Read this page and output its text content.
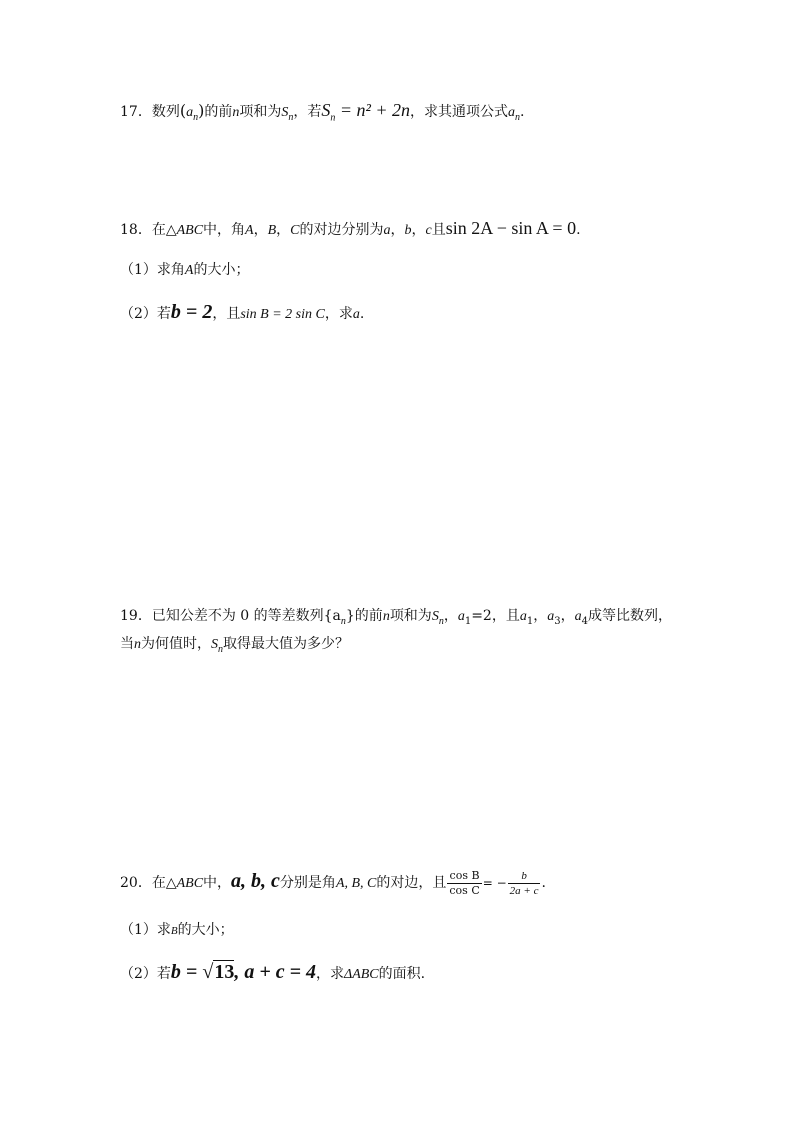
17．数列$(a_n)$的前n项和为$S_n$，若$S_n = n^2 + 2n$，求其通项公式$a_n$.
18．在△ABC中，角A，B，C的对边分别为a，b，c且sin 2A − sin A = 0.
（1）求角A的大小；
（2）若b = 2，且sin B = 2 sin C，求a.
19．已知公差不为 0 的等差数列$\{a_n\}$的前n项和为$S_n$，$a_1=2$，且$a_1$，$a_3$，$a_4$成等比数列，
当n为何值时，$S_n$取得最大值为多少？
20．在△ABC中，a, b, c分别是角A, B, C的对边，且 $\frac{\text{cos B}}{\text{cos C}}$ = − $\frac{b}{2a + c}$ .
（1）求B的大小；
（2）若b = √13, a + c = 4，求ΔABC的面积.
